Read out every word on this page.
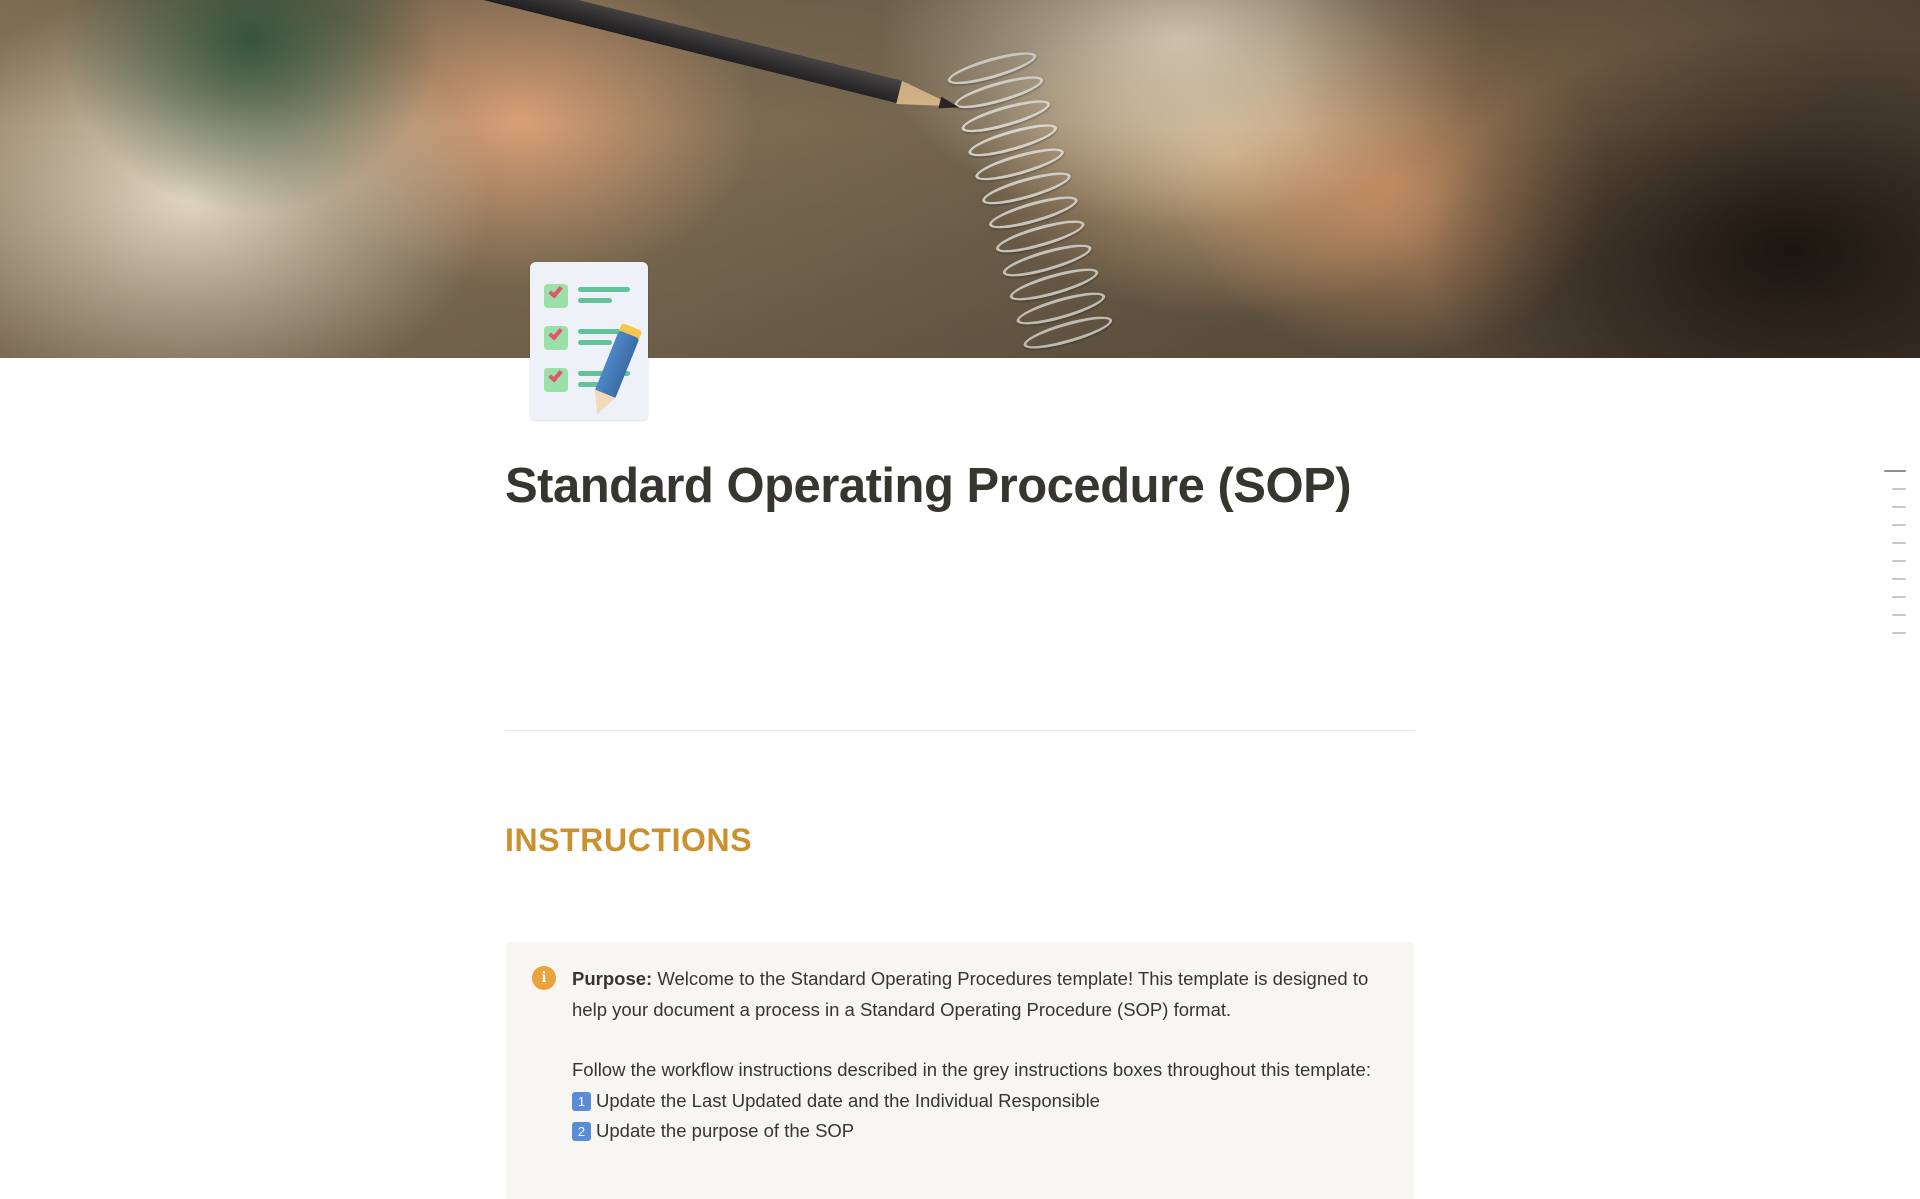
Standard Operating Procedure (SOP)
INSTRUCTIONS
i	Purpose: Welcome to the Standard Operating Procedures template! This template is designed to help your document a process in a Standard Operating Procedure (SOP) format.

Follow the workflow instructions described in the grey instructions boxes throughout this template:

1 Update the Last Updated date and the Individual Responsible

2 Update the purpose of the SOP
